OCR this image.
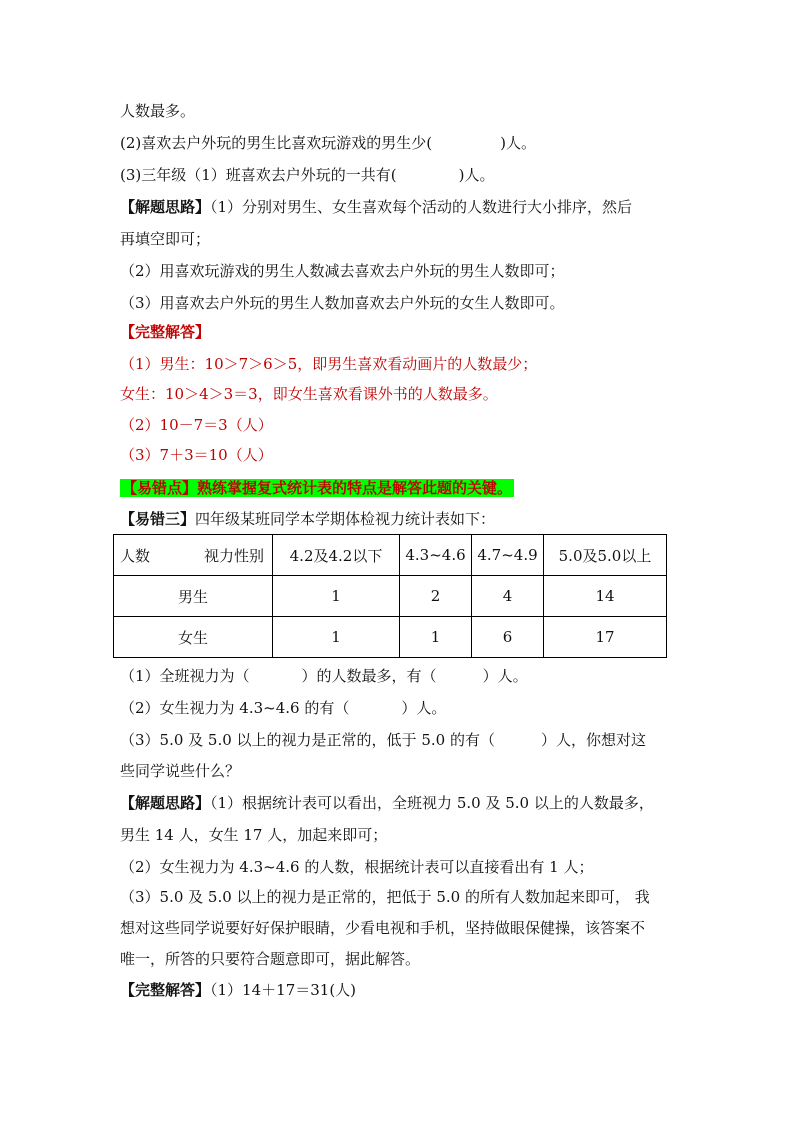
人数最多。
(2)喜欢去户外玩的男生比喜欢玩游戏的男生少(	)人。
(3)三年级（1）班喜欢去户外玩的一共有(	)人。
【解题思路】（1）分别对男生、女生喜欢每个活动的人数进行大小排序，然后
再填空即可；
（2）用喜欢玩游戏的男生人数减去喜欢去户外玩的男生人数即可；
（3）用喜欢去户外玩的男生人数加喜欢去户外玩的女生人数即可。
【完整解答】
（1）男生：10＞7＞6＞5，即男生喜欢看动画片的人数最少；
女生：10＞4＞3＝3，即女生喜欢看课外书的人数最多。
（2）10－7＝3（人）
（3）7＋3＝10（人）
【易错点】熟练掌握复式统计表的特点是解答此题的关键。
【易错三】四年级某班同学本学期体检视力统计表如下：
人数 视力性别	4.2及4.2以下	4.3~4.6	4.7~4.9	5.0及5.0以上
男生	1	2	4	14
女生	1	1	6	17
（1）全班视力为（	）的人数最多，有（	）人。
（2）女生视力为 4.3~4.6 的有（	）人。
（3）5.0 及 5.0 以上的视力是正常的，低于 5.0 的有（	）人，你想对这
些同学说些什么？
【解题思路】（1）根据统计表可以看出，全班视力 5.0 及 5.0 以上的人数最多，
男生 14 人，女生 17 人，加起来即可；
（2）女生视力为 4.3~4.6 的人数，根据统计表可以直接看出有 1 人；
（3）5.0 及 5.0 以上的视力是正常的，把低于 5.0 的所有人数加起来即可， 我
想对这些同学说要好好保护眼睛，少看电视和手机，坚持做眼保健操，该答案不
唯一，所答的只要符合题意即可，据此解答。
【完整解答】（1）14＋17＝31(人)
